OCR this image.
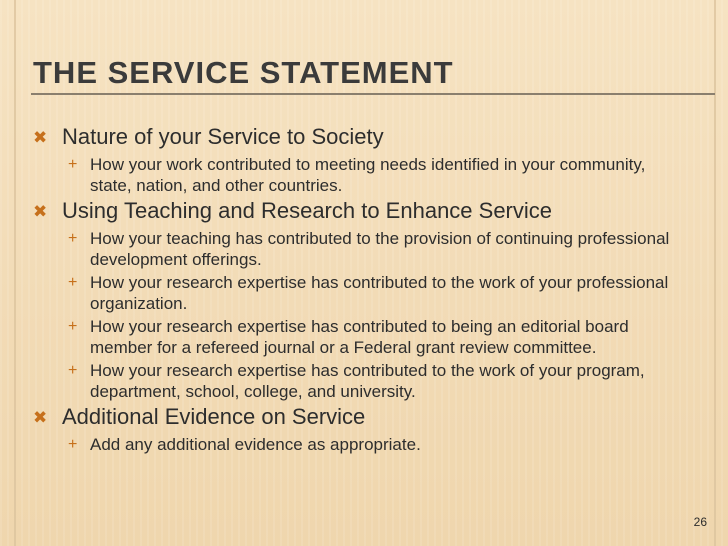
THE SERVICE STATEMENT
✖ Nature of your Service to Society
+ How your work contributed to meeting needs identified in your community, state, nation, and other countries.
✖ Using Teaching and Research to Enhance Service
+ How your teaching has contributed to the provision of continuing professional development offerings.
+ How your research expertise has contributed to the work of your professional organization.
+ How your research expertise has contributed to being an editorial board member for a refereed journal or a Federal grant review committee.
+ How your research expertise has contributed to the work of your program, department, school, college, and university.
✖ Additional Evidence on Service
+ Add any additional evidence as appropriate.
26
